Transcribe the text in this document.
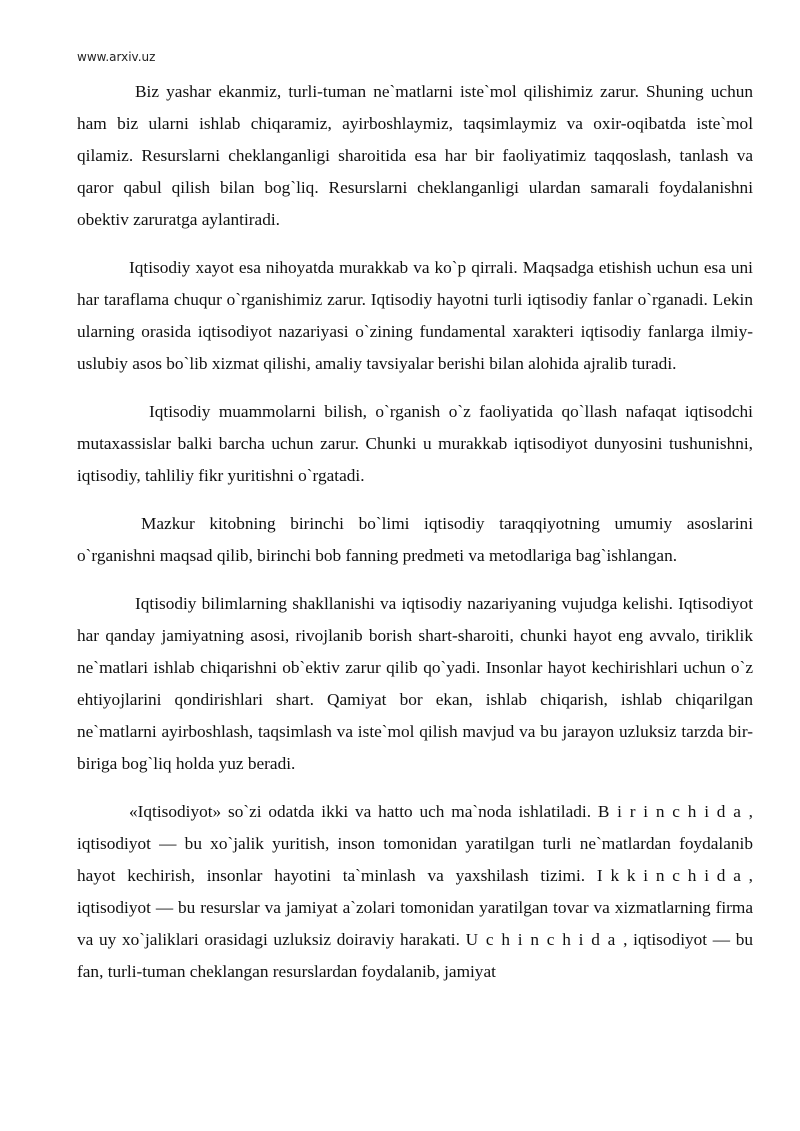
www.arxiv.uz

Biz yashar ekanmiz, turli-tuman ne`matlarni iste`mol qilishimiz zarur. Shuning uchun ham biz ularni ishlab chiqaramiz, ayirboshlaymiz, taqsimlaymiz va oxir-oqibatda iste`mol qilamiz. Resurslarni cheklanganligi sharoitida esa har bir faoliyatimiz taqqoslash, tanlash va qaror qabul qilish bilan bog`liq. Resurslarni cheklanganligi ulardan samarali foydalanishni obektiv zaruratga aylantiradi.

Iqtisodiy xayot esa nihoyatda murakkab va ko`p qirrali. Maqsadga etishish uchun esa uni har taraflama chuqur o`rganishimiz zarur. Iqtisodiy hayotni turli iqtisodiy fanlar o`rganadi. Lekin ularning orasida iqtisodiyot nazariyasi o`zining fundamental xarakteri iqtisodiy fanlarga ilmiy-uslubiy asos bo`lib xizmat qilishi, amaliy tavsiyalar berishi bilan alohida ajralib turadi.

Iqtisodiy muammolarni bilish, o`rganish o`z faoliyatida qo`llash nafaqat iqtisodchi mutaxassislar balki barcha uchun zarur. Chunki u murakkab iqtisodiyot dunyosini tushunishni, iqtisodiy, tahliliy fikr yuritishni o`rgatadi.

Mazkur kitobning birinchi bo`limi iqtisodiy taraqqiyotning umumiy asoslarini o`rganishni maqsad qilib, birinchi bob fanning predmeti va metodlariga bag`ishlangan.

Iqtisodiy bilimlarning shakllanishi va iqtisodiy nazariyaning vujudga kelishi. Iqtisodiyot har qanday jamiyatning asosi, rivojlanib borish shart-sharoiti, chunki hayot eng avvalo, tiriklik ne`matlari ishlab chiqarishni ob`ektiv zarur qilib qo`yadi. Insonlar hayot kechirishlari uchun o`z ehtiyojlarini qondirishlari shart. Qamiyat bor ekan, ishlab chiqarish, ishlab chiqarilgan ne`matlarni ayirboshlash, taqsimlash va iste`mol qilish mavjud va bu jarayon uzluksiz tarzda bir-biriga bog`liq holda yuz beradi.

«Iqtisodiyot» so`zi odatda ikki va hatto uch ma`noda ishlatiladi. Birinchida, iqtisodiyot — bu xo`jalik yuritish, inson tomonidan yaratilgan turli ne`matlardan foydalanib hayot kechirish, insonlar hayotini ta`minlash va yaxshilash tizimi. Ikkinchida, iqtisodiyot — bu resurslar va jamiyat a`zolari tomonidan yaratilgan tovar va xizmatlarning firma va uy xo`jaliklari orasidagi uzluksiz doiraviy harakati. Uchinchida, iqtisodiyot — bu fan, turli-tuman cheklangan resurslardan foydalanib, jamiyat
